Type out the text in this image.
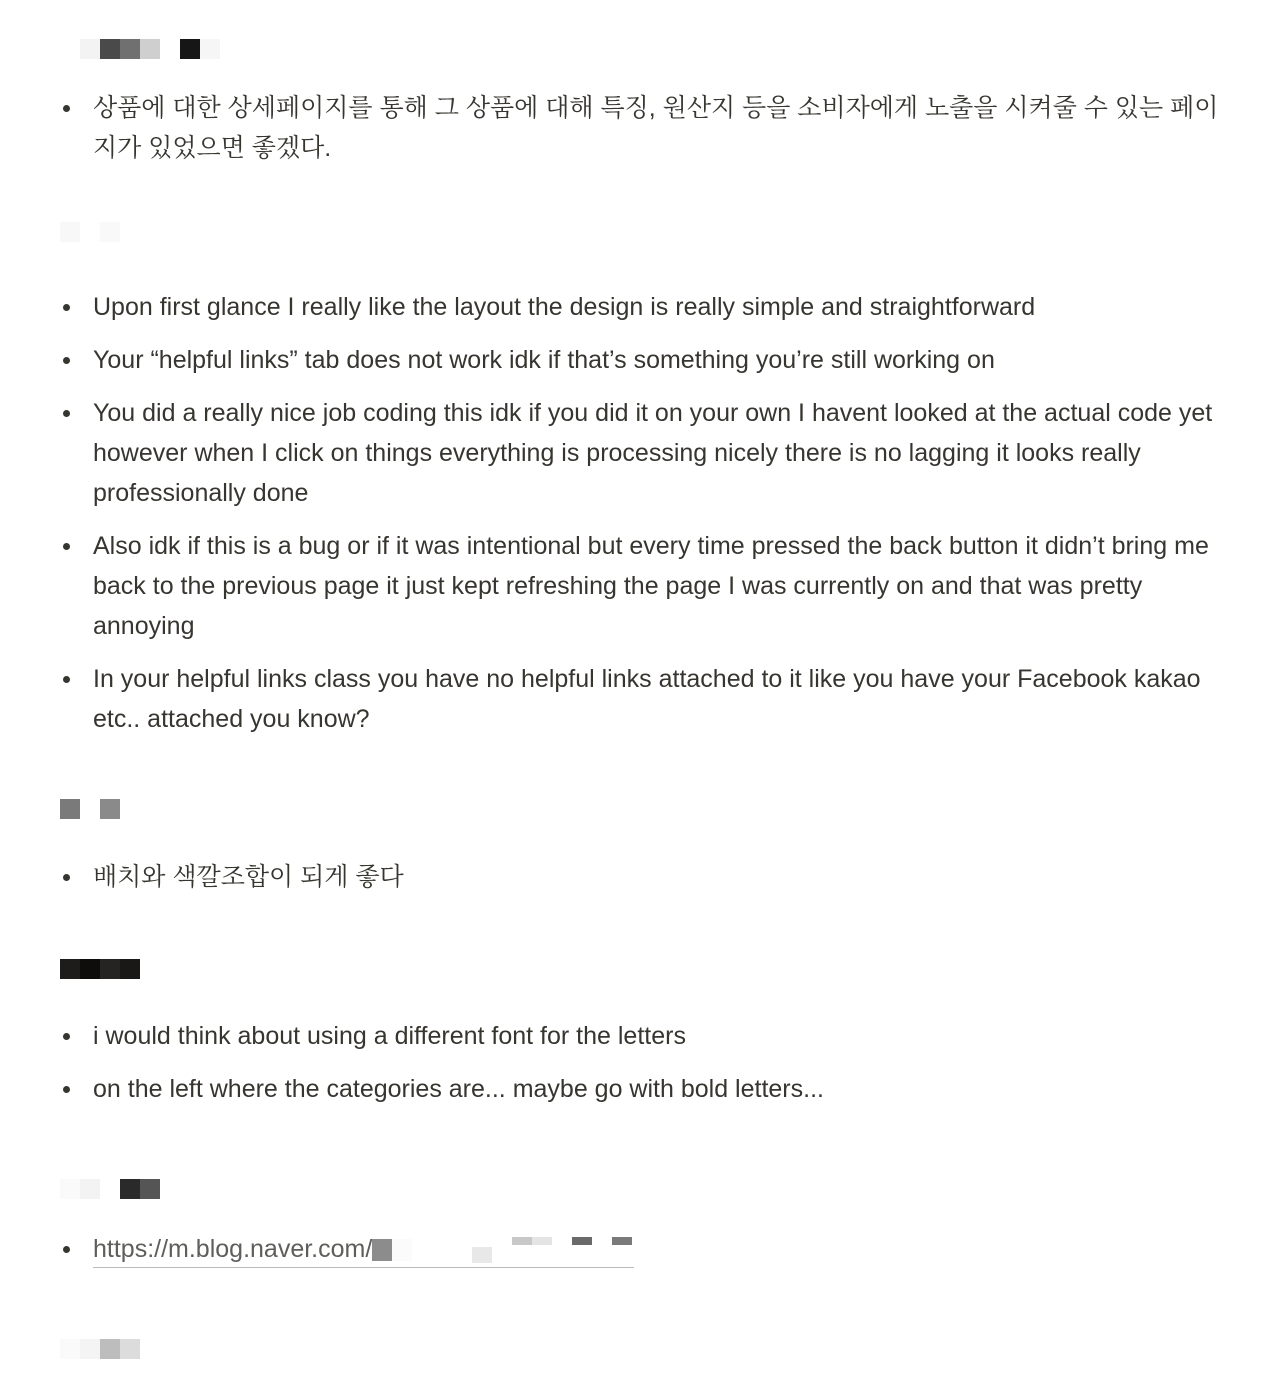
상품에 대한 상세페이지를 통해 그 상품에 대해 특징, 원산지 등을 소비자에게 노출을 시켜줄 수 있는 페이지가 있었으면 좋겠다.
Upon first glance I really like the layout the design is really simple and straightforward
Your “helpful links” tab does not work idk if that’s something you’re still working on
You did a really nice job coding this idk if you did it on your own I havent looked at the actual code yet however when I click on things everything is processing nicely there is no lagging it looks really professionally done
Also idk if this is a bug or if it was intentional but every time pressed the back button it didn’t bring me back to the previous page it just kept refreshing the page I was currently on and that was pretty annoying
In your helpful links class you have no helpful links attached to it like you have your Facebook kakao etc.. attached you know?
배치와 색깔조합이 되게 좋다
i would think about using a different font for the letters
on the left where the categories are... maybe go with bold letters...
https://m.blog.naver.com/
